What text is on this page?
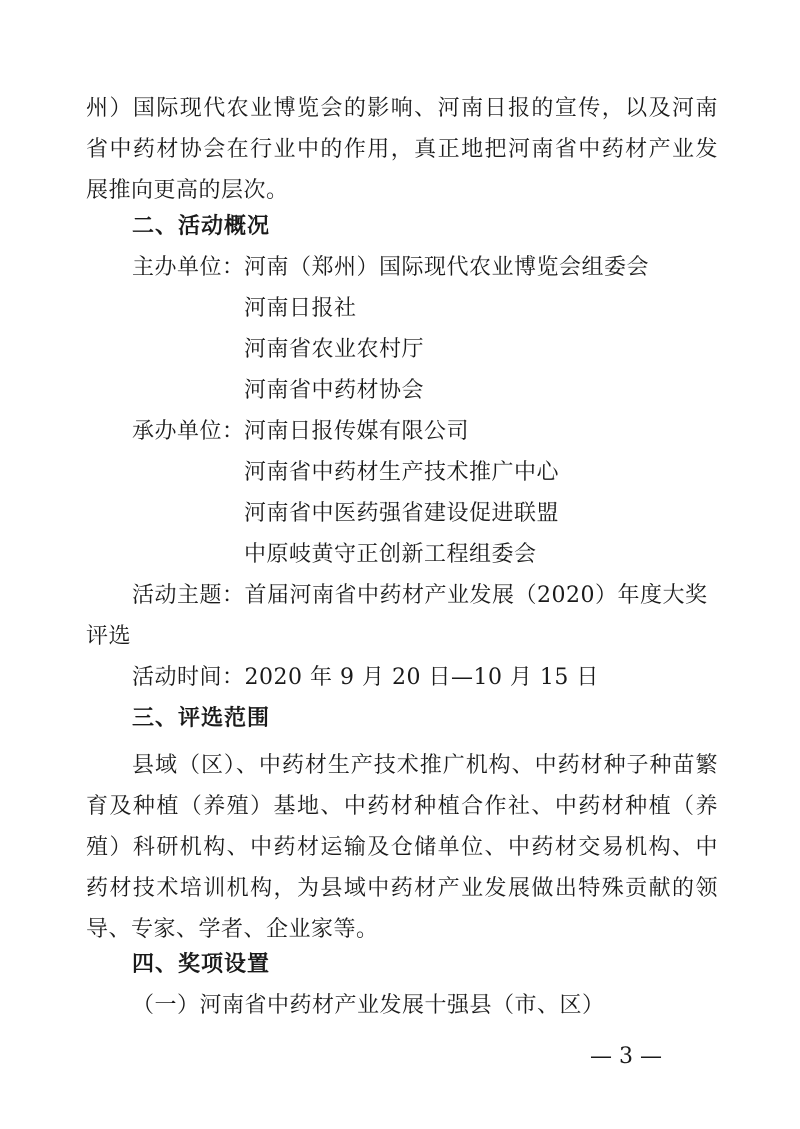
州）国际现代农业博览会的影响、河南日报的宣传，以及河南
省中药材协会在行业中的作用，真正地把河南省中药材产业发
展推向更高的层次。
二、活动概况
主办单位： 河南（郑州）国际现代农业博览会组委会
河南日报社
河南省农业农村厅
河南省中药材协会
承办单位： 河南日报传媒有限公司
河南省中药材生产技术推广中心
河南省中医药强省建设促进联盟
中原岐黄守正创新工程组委会
活动主题：首届河南省中药材产业发展（2020）年度大奖
评选
活动时间：2020 年 9 月 20 日—10 月 15 日
三、评选范围
县域（区）、中药材生产技术推广机构、中药材种子种苗繁
育及种植（养殖）基地、中药材种植合作社、中药材种植（养
殖）科研机构、中药材运输及仓储单位、中药材交易机构、中
药材技术培训机构，为县域中药材产业发展做出特殊贡献的领
导、专家、学者、企业家等。
四、奖项设置
（一）河南省中药材产业发展十强县（市、区）
— 3 —
